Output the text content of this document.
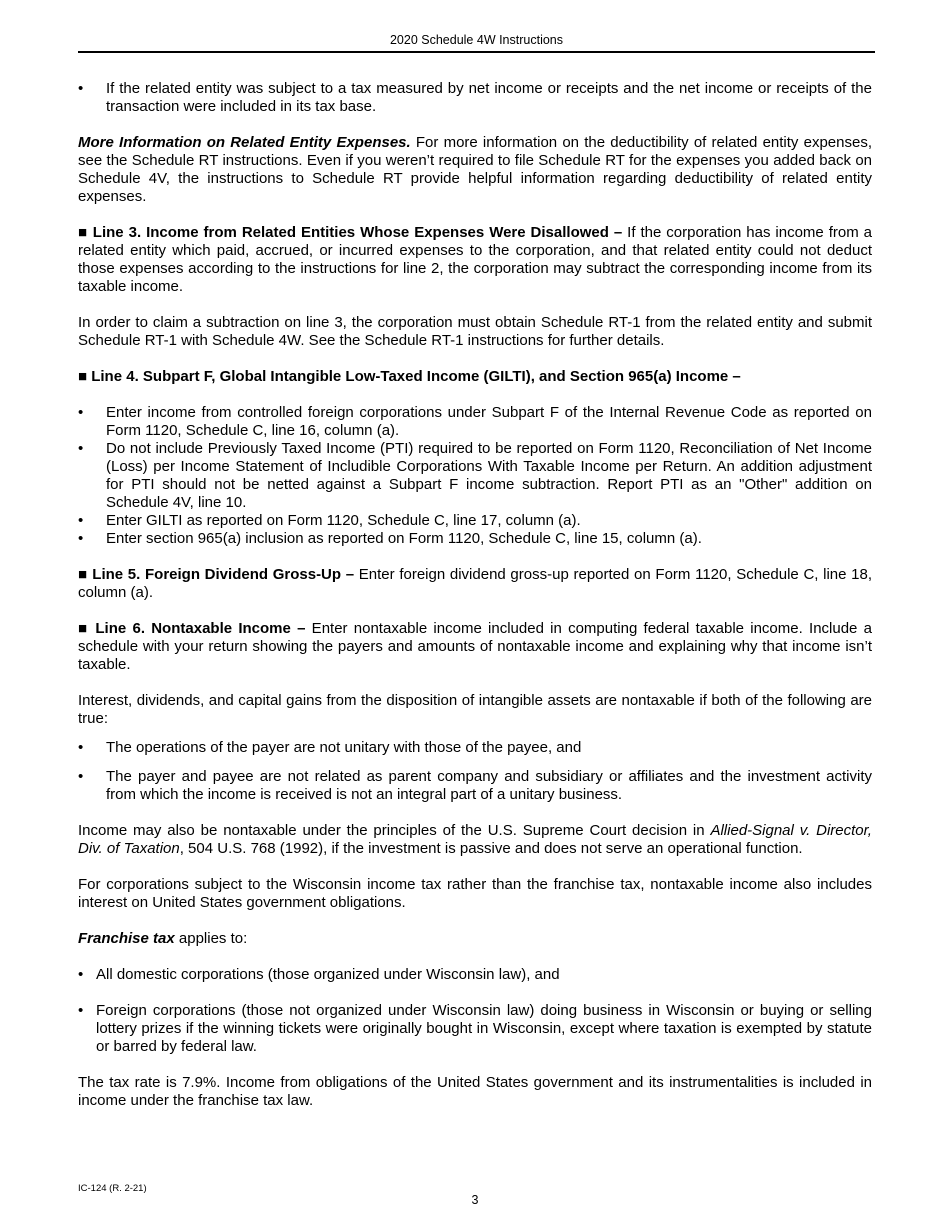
2020 Schedule 4W Instructions
• If the related entity was subject to a tax measured by net income or receipts and the net income or receipts of the transaction were included in its tax base.

More Information on Related Entity Expenses. For more information on the deductibility of related entity expenses, see the Schedule RT instructions. Even if you weren’t required to file Schedule RT for the expenses you added back on Schedule 4V, the instructions to Schedule RT provide helpful information regarding deductibility of related entity expenses.

■ Line 3. Income from Related Entities Whose Expenses Were Disallowed – If the corporation has income from a related entity which paid, accrued, or incurred expenses to the corporation, and that related entity could not deduct those expenses according to the instructions for line 2, the corporation may subtract the corresponding income from its taxable income.

In order to claim a subtraction on line 3, the corporation must obtain Schedule RT-1 from the related entity and submit Schedule RT-1 with Schedule 4W. See the Schedule RT-1 instructions for further details.

■ Line 4. Subpart F, Global Intangible Low-Taxed Income (GILTI), and Section 965(a) Income –

• Enter income from controlled foreign corporations under Subpart F of the Internal Revenue Code as reported on Form 1120, Schedule C, line 16, column (a).
• Do not include Previously Taxed Income (PTI) required to be reported on Form 1120, Reconciliation of Net Income (Loss) per Income Statement of Includible Corporations With Taxable Income per Return. An addition adjustment for PTI should not be netted against a Subpart F income subtraction. Report PTI as an "Other" addition on Schedule 4V, line 10.
• Enter GILTI as reported on Form 1120, Schedule C, line 17, column (a).
• Enter section 965(a) inclusion as reported on Form 1120, Schedule C, line 15, column (a).

■ Line 5. Foreign Dividend Gross-Up – Enter foreign dividend gross-up reported on Form 1120, Schedule C, line 18, column (a).

■ Line 6. Nontaxable Income – Enter nontaxable income included in computing federal taxable income. Include a schedule with your return showing the payers and amounts of nontaxable income and explaining why that income isn’t taxable.

Interest, dividends, and capital gains from the disposition of intangible assets are nontaxable if both of the following are true:

• The operations of the payer are not unitary with those of the payee, and
• The payer and payee are not related as parent company and subsidiary or affiliates and the investment activity from which the income is received is not an integral part of a unitary business.

Income may also be nontaxable under the principles of the U.S. Supreme Court decision in Allied-Signal v. Director, Div. of Taxation, 504 U.S. 768 (1992), if the investment is passive and does not serve an operational function.

For corporations subject to the Wisconsin income tax rather than the franchise tax, nontaxable income also includes interest on United States government obligations.

Franchise tax applies to:

• All domestic corporations (those organized under Wisconsin law), and
• Foreign corporations (those not organized under Wisconsin law) doing business in Wisconsin or buying or selling lottery prizes if the winning tickets were originally bought in Wisconsin, except where taxation is exempted by statute or barred by federal law.

The tax rate is 7.9%. Income from obligations of the United States government and its instrumentalities is included in income under the franchise tax law.

IC-124 (R. 2-21)
3
